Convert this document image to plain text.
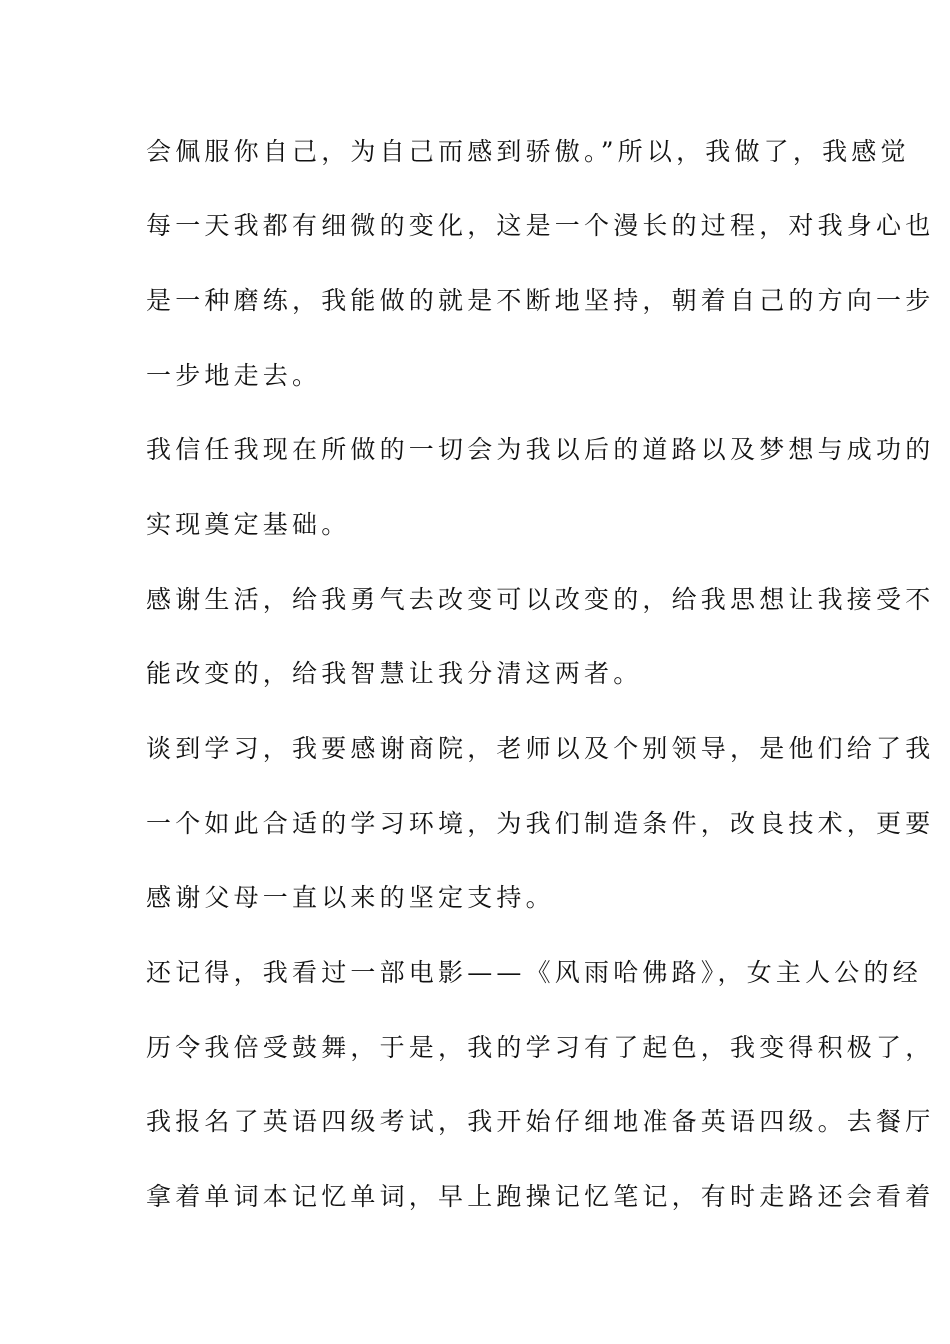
会佩服你自己，为自己而感到骄傲。”所以，我做了，我感觉
每一天我都有细微的变化，这是一个漫长的过程，对我身心也
是一种磨练，我能做的就是不断地坚持，朝着自己的方向一步
一步地走去。
我信任我现在所做的一切会为我以后的道路以及梦想与成功的
实现奠定基础。
感谢生活，给我勇气去改变可以改变的，给我思想让我接受不
能改变的，给我智慧让我分清这两者。
谈到学习，我要感谢商院，老师以及个别领导，是他们给了我
一个如此合适的学习环境，为我们制造条件，改良技术，更要
感谢父母一直以来的坚定支持。
还记得，我看过一部电影——《风雨哈佛路》，女主人公的经
历令我倍受鼓舞，于是，我的学习有了起色，我变得积极了，
我报名了英语四级考试，我开始仔细地准备英语四级。去餐厅
拿着单词本记忆单词，早上跑操记忆笔记，有时走路还会看着
